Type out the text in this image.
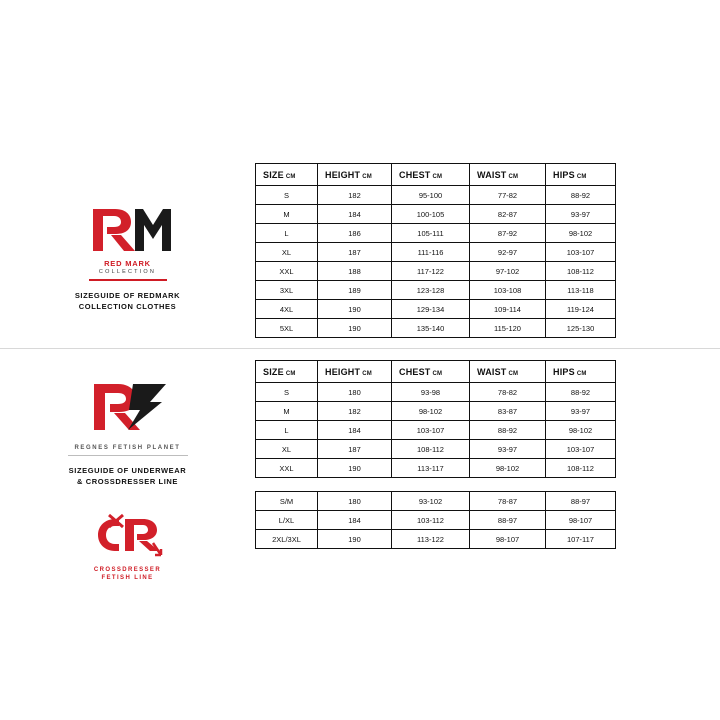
RED MARK
COLLECTION
SIZEGUIDE OF REDMARK
COLLECTION CLOTHES
SIZE CM	HEIGHT CM	CHEST CM	WAIST CM	HIPS CM
S	182	95-100	77-82	88-92
M	184	100-105	82-87	93-97
L	186	105-111	87-92	98-102
XL	187	111-116	92-97	103-107
XXL	188	117-122	97-102	108-112
3XL	189	123-128	103-108	113-118
4XL	190	129-134	109-114	119-124
5XL	190	135-140	115-120	125-130
REGNES FETISH PLANET
SIZEGUIDE OF UNDERWEAR
& CROSSDRESSER LINE
CROSSDRESSER
FETISH LINE
SIZE CM	HEIGHT CM	CHEST CM	WAIST CM	HIPS CM
S	180	93-98	78-82	88-92
M	182	98-102	83-87	93-97
L	184	103-107	88-92	98-102
XL	187	108-112	93-97	103-107
XXL	190	113-117	98-102	108-112
S/M	180	93-102	78-87	88-97
L/XL	184	103-112	88-97	98-107
2XL/3XL	190	113-122	98-107	107-117
